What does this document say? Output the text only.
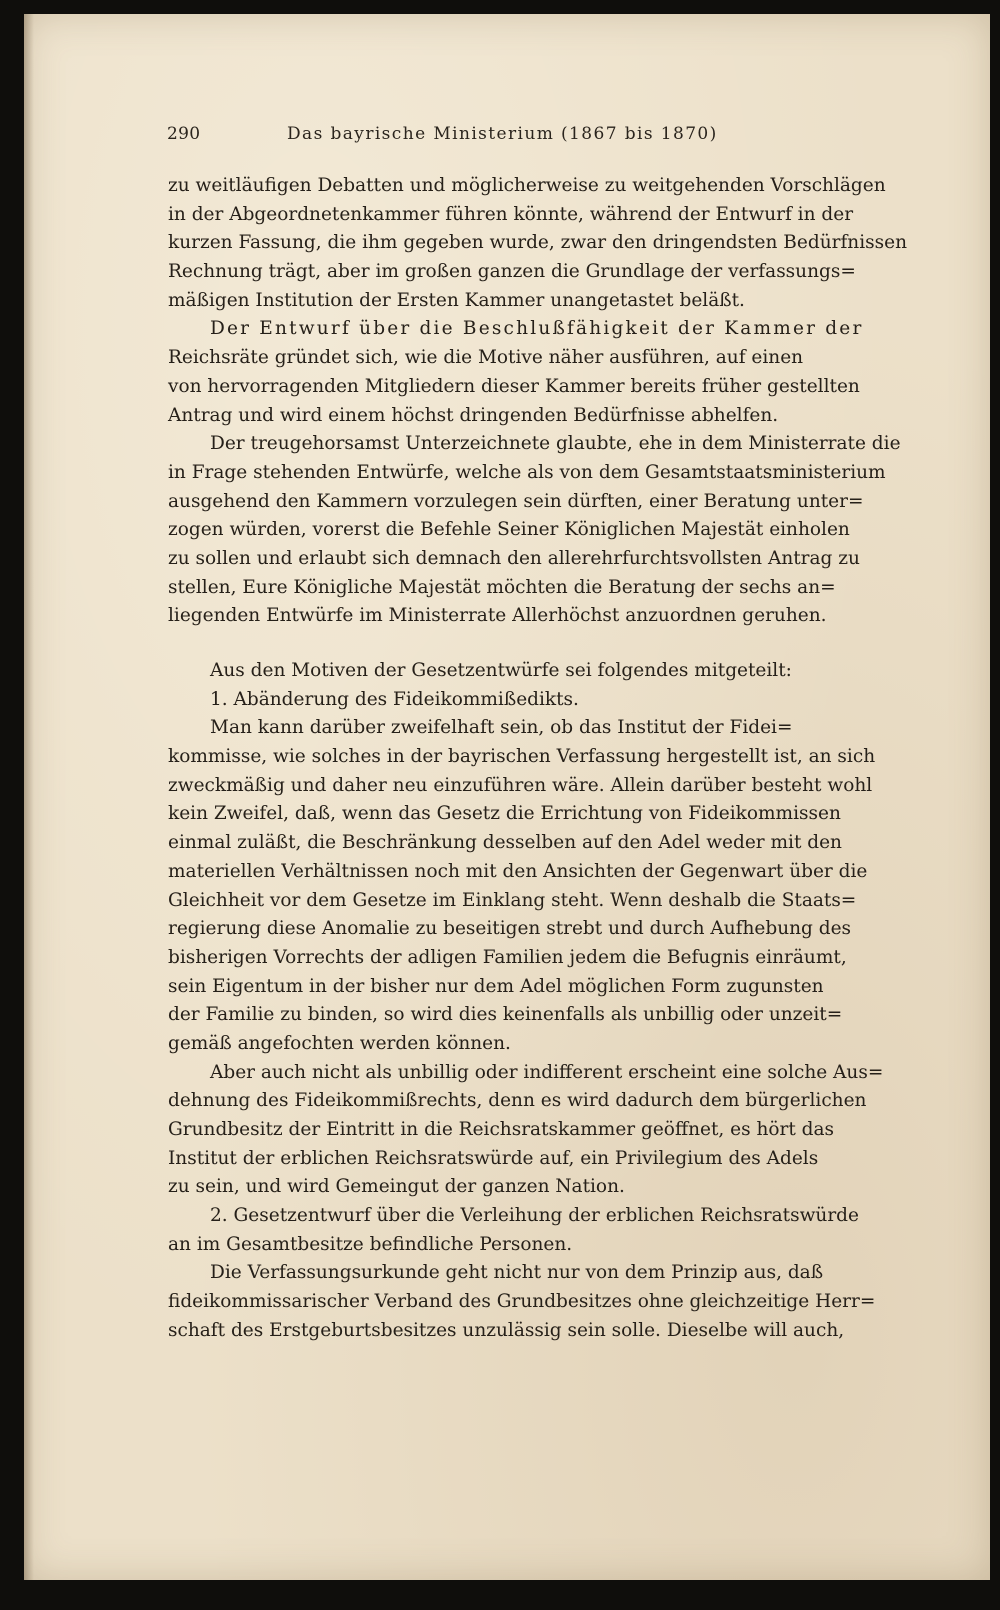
290	Das bayrische Ministerium (1867 bis 1870)
zu weitläufigen Debatten und möglicherweise zu weitgehenden Vorschlägen
in der Abgeordnetenkammer führen könnte, während der Entwurf in der
kurzen Fassung, die ihm gegeben wurde, zwar den dringendsten Bedürfnissen
Rechnung trägt, aber im großen ganzen die Grundlage der verfassungs=
mäßigen Institution der Ersten Kammer unangetastet beläßt.
Der Entwurf über die Beschlußfähigkeit der Kammer der
Reichsräte gründet sich, wie die Motive näher ausführen, auf einen
von hervorragenden Mitgliedern dieser Kammer bereits früher gestellten
Antrag und wird einem höchst dringenden Bedürfnisse abhelfen.
Der treugehorsamst Unterzeichnete glaubte, ehe in dem Ministerrate die
in Frage stehenden Entwürfe, welche als von dem Gesamtstaatsministerium
ausgehend den Kammern vorzulegen sein dürften, einer Beratung unter=
zogen würden, vorerst die Befehle Seiner Königlichen Majestät einholen
zu sollen und erlaubt sich demnach den allerehrfurchtsvollsten Antrag zu
stellen, Eure Königliche Majestät möchten die Beratung der sechs an=
liegenden Entwürfe im Ministerrate Allerhöchst anzuordnen geruhen.
Aus den Motiven der Gesetzentwürfe sei folgendes mitgeteilt:
1. Abänderung des Fideikommißedikts.
Man kann darüber zweifelhaft sein, ob das Institut der Fidei=
kommisse, wie solches in der bayrischen Verfassung hergestellt ist, an sich
zweckmäßig und daher neu einzuführen wäre. Allein darüber besteht wohl
kein Zweifel, daß, wenn das Gesetz die Errichtung von Fideikommissen
einmal zuläßt, die Beschränkung desselben auf den Adel weder mit den
materiellen Verhältnissen noch mit den Ansichten der Gegenwart über die
Gleichheit vor dem Gesetze im Einklang steht. Wenn deshalb die Staats=
regierung diese Anomalie zu beseitigen strebt und durch Aufhebung des
bisherigen Vorrechts der adligen Familien jedem die Befugnis einräumt,
sein Eigentum in der bisher nur dem Adel möglichen Form zugunsten
der Familie zu binden, so wird dies keinenfalls als unbillig oder unzeit=
gemäß angefochten werden können.
Aber auch nicht als unbillig oder indifferent erscheint eine solche Aus=
dehnung des Fideikommißrechts, denn es wird dadurch dem bürgerlichen
Grundbesitz der Eintritt in die Reichsratskammer geöffnet, es hört das
Institut der erblichen Reichsratswürde auf, ein Privilegium des Adels
zu sein, und wird Gemeingut der ganzen Nation.
2. Gesetzentwurf über die Verleihung der erblichen Reichsratswürde
an im Gesamtbesitze befindliche Personen.
Die Verfassungsurkunde geht nicht nur von dem Prinzip aus, daß
fideikommissarischer Verband des Grundbesitzes ohne gleichzeitige Herr=
schaft des Erstgeburtsbesitzes unzulässig sein solle. Dieselbe will auch,
